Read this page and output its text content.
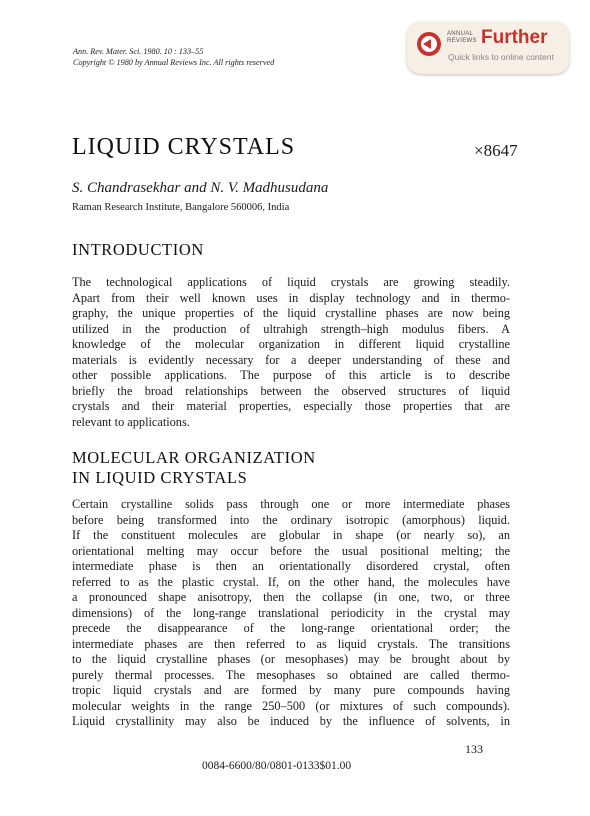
Ann. Rev. Mater. Sci. 1980. 10 : 133–55
Copyright © 1980 by Annual Reviews Inc. All rights reserved
ANNUAL
REVIEWS Further
Quick links to online content
LIQUID CRYSTALS	×8647
S. Chandrasekhar and N. V. Madhusudana
Raman Research Institute, Bangalore 560006, India
INTRODUCTION
The technological applications of liquid crystals are growing steadily.
Apart from their well known uses in display technology and in thermo-
graphy, the unique properties of the liquid crystalline phases are now being
utilized in the production of ultrahigh strength–high modulus fibers. A
knowledge of the molecular organization in different liquid crystalline
materials is evidently necessary for a deeper understanding of these and
other possible applications. The purpose of this article is to describe
briefly the broad relationships between the observed structures of liquid
crystals and their material properties, especially those properties that are
relevant to applications.
MOLECULAR ORGANIZATION
IN LIQUID CRYSTALS
Certain crystalline solids pass through one or more intermediate phases
before being transformed into the ordinary isotropic (amorphous) liquid.
If the constituent molecules are globular in shape (or nearly so), an
orientational melting may occur before the usual positional melting; the
intermediate phase is then an orientationally disordered crystal, often
referred to as the plastic crystal. If, on the other hand, the molecules have
a pronounced shape anisotropy, then the collapse (in one, two, or three
dimensions) of the long-range translational periodicity in the crystal may
precede the disappearance of the long-range orientational order; the
intermediate phases are then referred to as liquid crystals. The transitions
to the liquid crystalline phases (or mesophases) may be brought about by
purely thermal processes. The mesophases so obtained are called thermo-
tropic liquid crystals and are formed by many pure compounds having
molecular weights in the range 250–500 (or mixtures of such compounds).
Liquid crystallinity may also be induced by the influence of solvents, in
133
0084-6600/80/0801-0133$01.00
